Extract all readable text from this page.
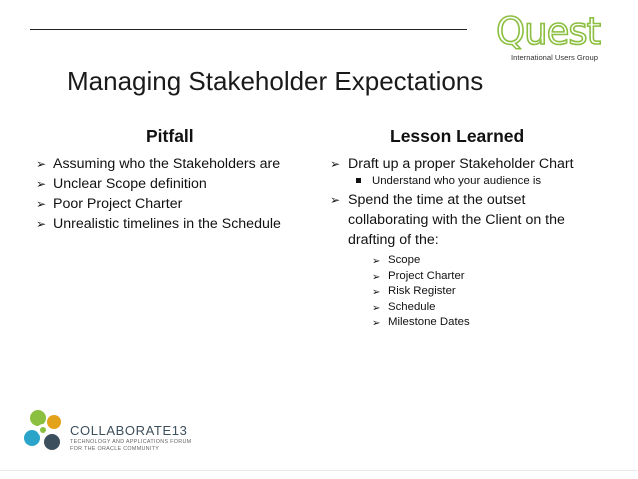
Quest
International Users Group
Managing Stakeholder Expectations
Pitfall	Lesson Learned
➢ Assuming who the Stakeholders are
➢ Unclear Scope definition
➢ Poor Project Charter
➢ Unrealistic timelines in the Schedule
➢ Draft up a proper Stakeholder Chart
Understand who your audience is
➢ Spend the time at the outset collaborating with the Client on the drafting of the:
➢ Scope
➢ Project Charter
➢ Risk Register
➢ Schedule
➢ Milestone Dates
COLLABORATE13
TECHNOLOGY AND APPLICATIONS FORUM
FOR THE ORACLE COMMUNITY
